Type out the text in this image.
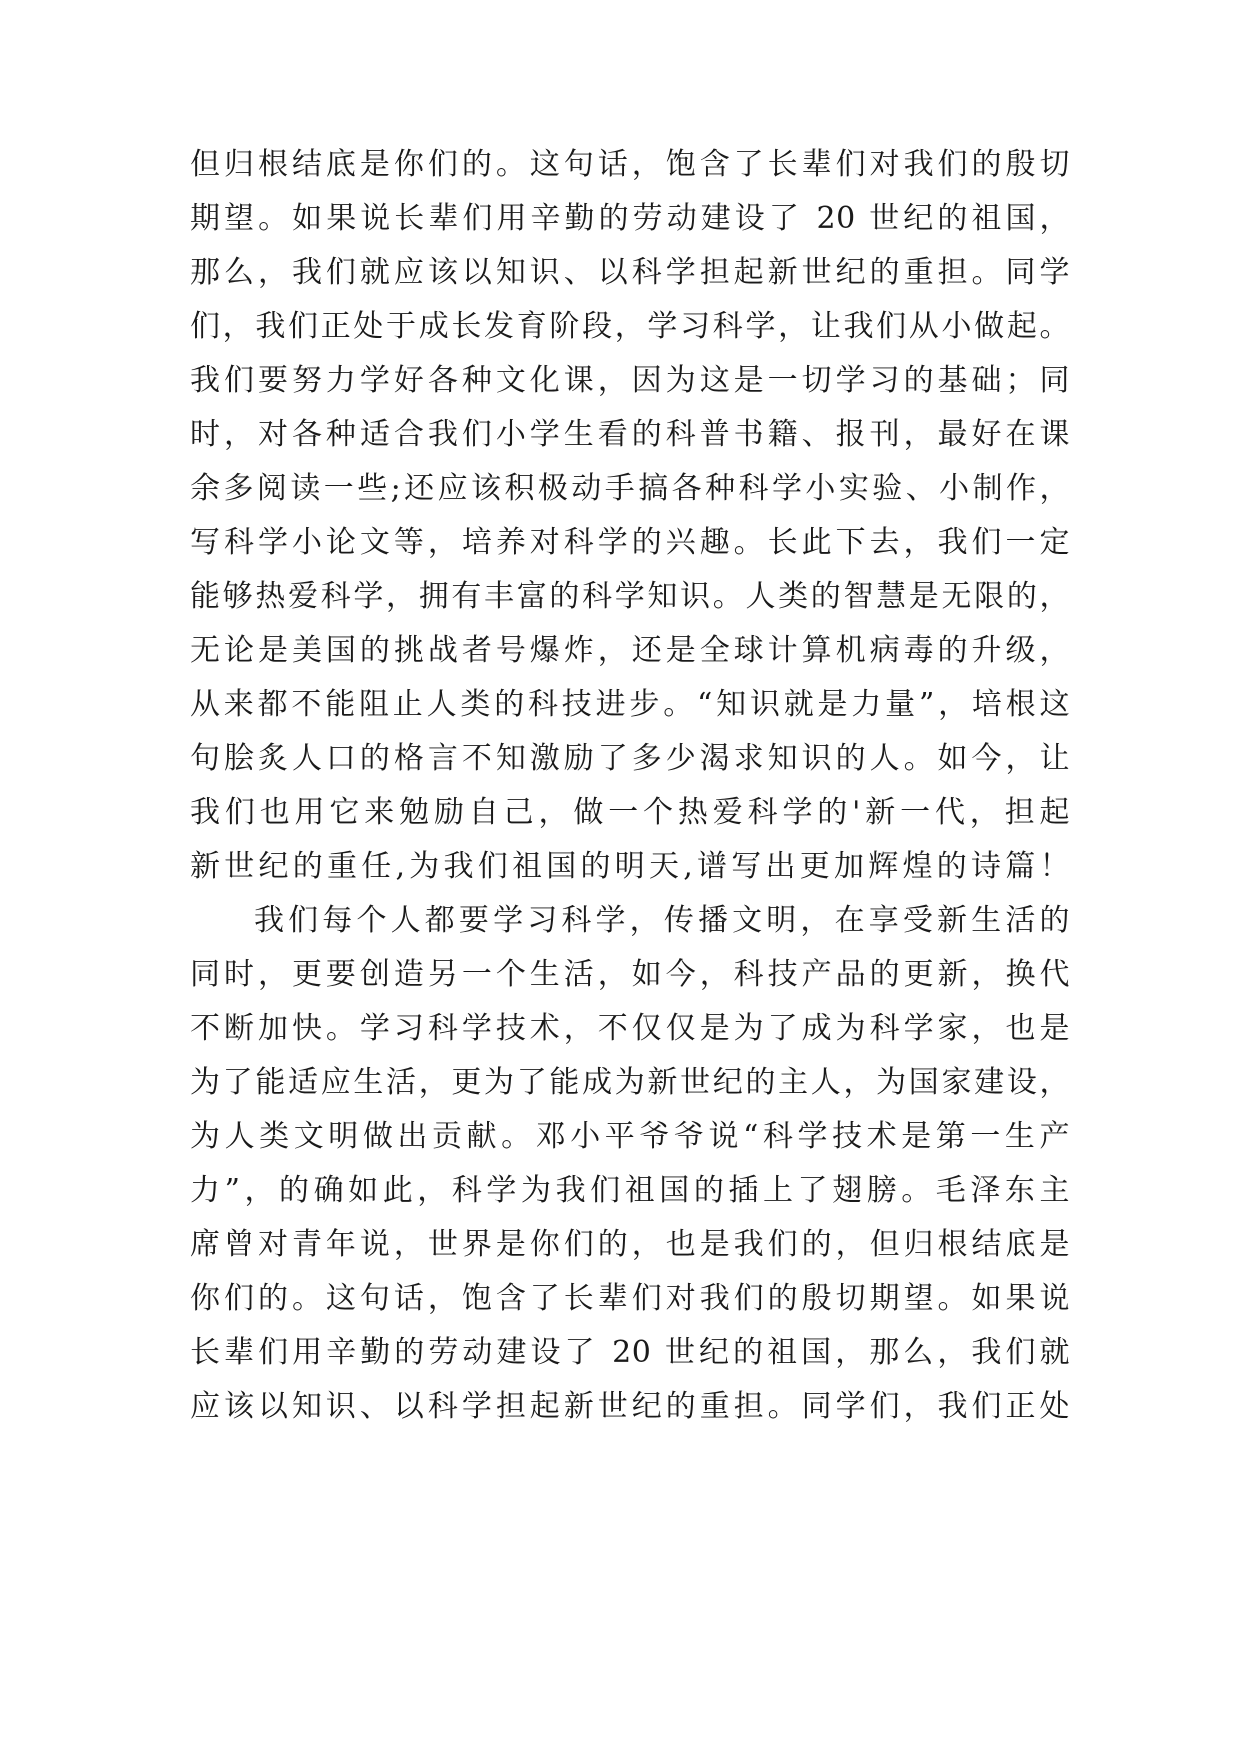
但归根结底是你们的。这句话，饱含了长辈们对我们的殷切
期望。如果说长辈们用辛勤的劳动建设了 20 世纪的祖国，
那么，我们就应该以知识、以科学担起新世纪的重担。同学
们，我们正处于成长发育阶段，学习科学，让我们从小做起。
我们要努力学好各种文化课，因为这是一切学习的基础；同
时，对各种适合我们小学生看的科普书籍、报刊，最好在课
余多阅读一些;还应该积极动手搞各种科学小实验、小制作，
写科学小论文等，培养对科学的兴趣。长此下去，我们一定
能够热爱科学，拥有丰富的科学知识。人类的智慧是无限的，
无论是美国的挑战者号爆炸，还是全球计算机病毒的升级，
从来都不能阻止人类的科技进步。“知识就是力量”，培根这
句脍炙人口的格言不知激励了多少渴求知识的人。如今，让
我们也用它来勉励自己，做一个热爱科学的'新一代，担起
新世纪的重任,为我们祖国的明天,谱写出更加辉煌的诗篇！
我们每个人都要学习科学，传播文明，在享受新生活的
同时，更要创造另一个生活，如今，科技产品的更新，换代
不断加快。学习科学技术，不仅仅是为了成为科学家，也是
为了能适应生活，更为了能成为新世纪的主人，为国家建设，
为人类文明做出贡献。邓小平爷爷说“科学技术是第一生产
力”，的确如此，科学为我们祖国的插上了翅膀。毛泽东主
席曾对青年说，世界是你们的，也是我们的，但归根结底是
你们的。这句话，饱含了长辈们对我们的殷切期望。如果说
长辈们用辛勤的劳动建设了 20 世纪的祖国，那么，我们就
应该以知识、以科学担起新世纪的重担。同学们，我们正处
